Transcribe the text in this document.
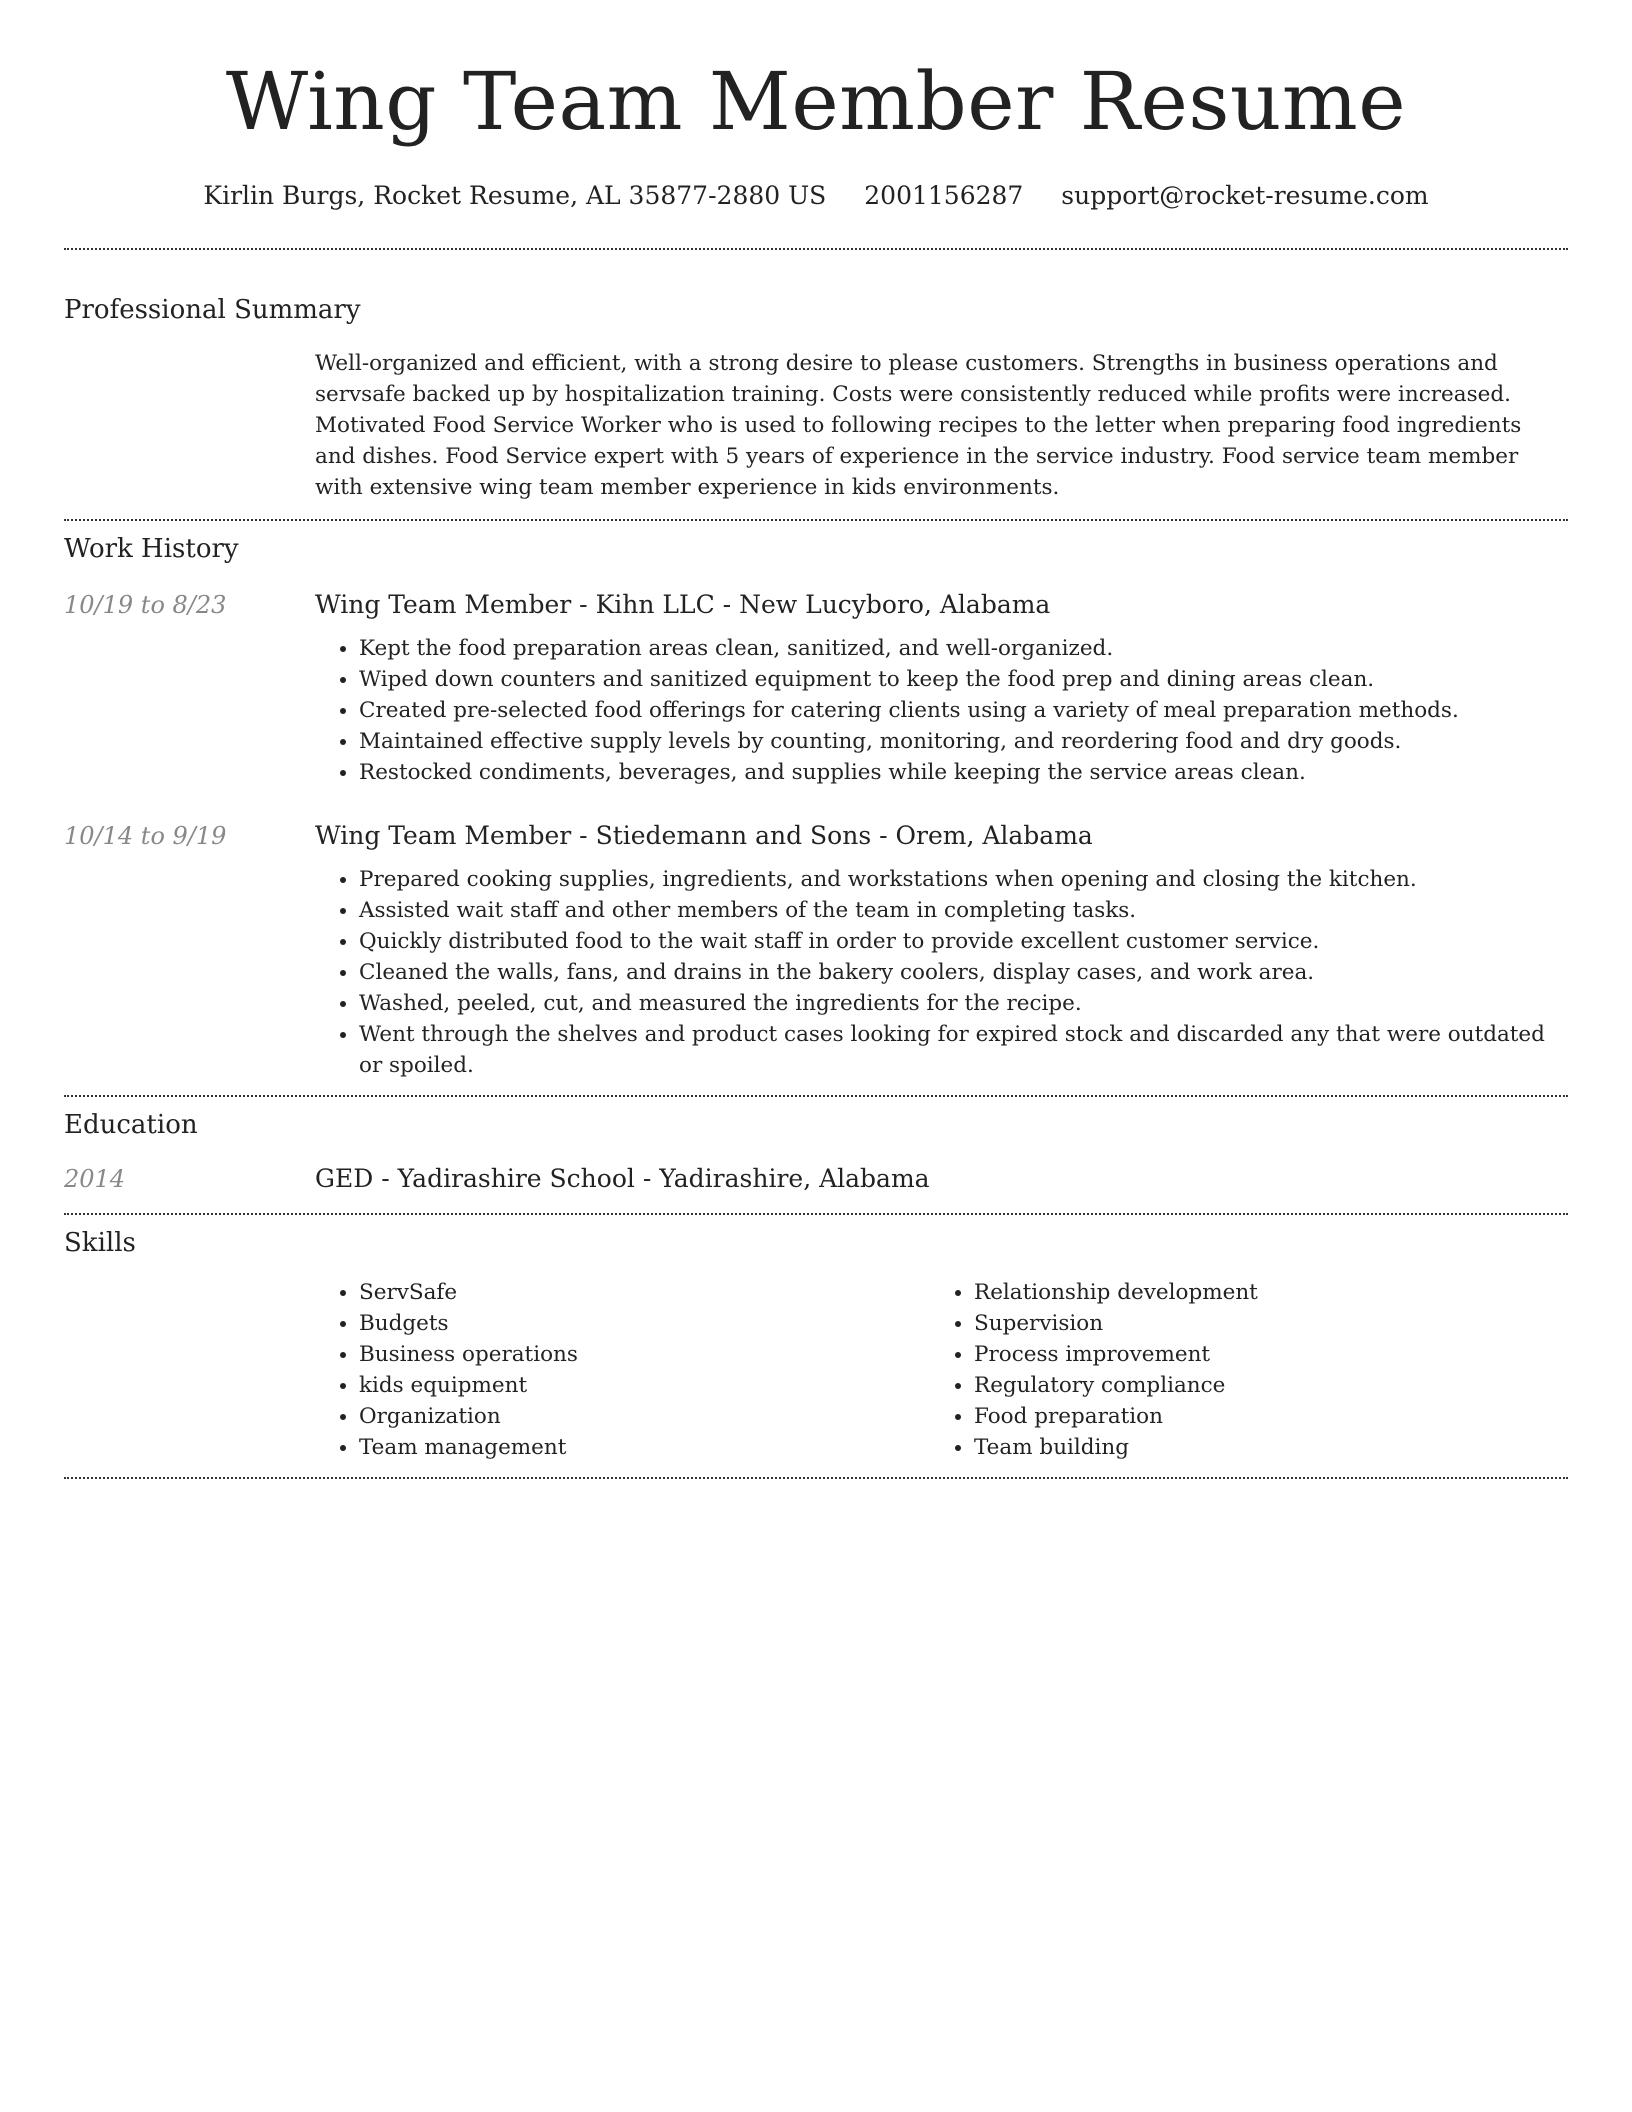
Wing Team Member Resume
Kirlin Burgs, Rocket Resume, AL 35877-2880 US 2001156287 support@rocket-resume.com
Professional Summary
Well-organized and efficient, with a strong desire to please customers. Strengths in business operations and servsafe backed up by hospitalization training. Costs were consistently reduced while profits were increased. Motivated Food Service Worker who is used to following recipes to the letter when preparing food ingredients and dishes. Food Service expert with 5 years of experience in the service industry. Food service team member with extensive wing team member experience in kids environments.
Work History
10/19 to 8/23	Wing Team Member - Kihn LLC - New Lucyboro, Alabama
• Kept the food preparation areas clean, sanitized, and well-organized.
• Wiped down counters and sanitized equipment to keep the food prep and dining areas clean.
• Created pre-selected food offerings for catering clients using a variety of meal preparation methods.
• Maintained effective supply levels by counting, monitoring, and reordering food and dry goods.
• Restocked condiments, beverages, and supplies while keeping the service areas clean.
10/14 to 9/19	Wing Team Member - Stiedemann and Sons - Orem, Alabama
• Prepared cooking supplies, ingredients, and workstations when opening and closing the kitchen.
• Assisted wait staff and other members of the team in completing tasks.
• Quickly distributed food to the wait staff in order to provide excellent customer service.
• Cleaned the walls, fans, and drains in the bakery coolers, display cases, and work area.
• Washed, peeled, cut, and measured the ingredients for the recipe.
• Went through the shelves and product cases looking for expired stock and discarded any that were outdated or spoiled.
Education
2014	GED - Yadirashire School - Yadirashire, Alabama
Skills
• ServSafe
• Budgets
• Business operations
• kids equipment
• Organization
• Team management
• Relationship development
• Supervision
• Process improvement
• Regulatory compliance
• Food preparation
• Team building
